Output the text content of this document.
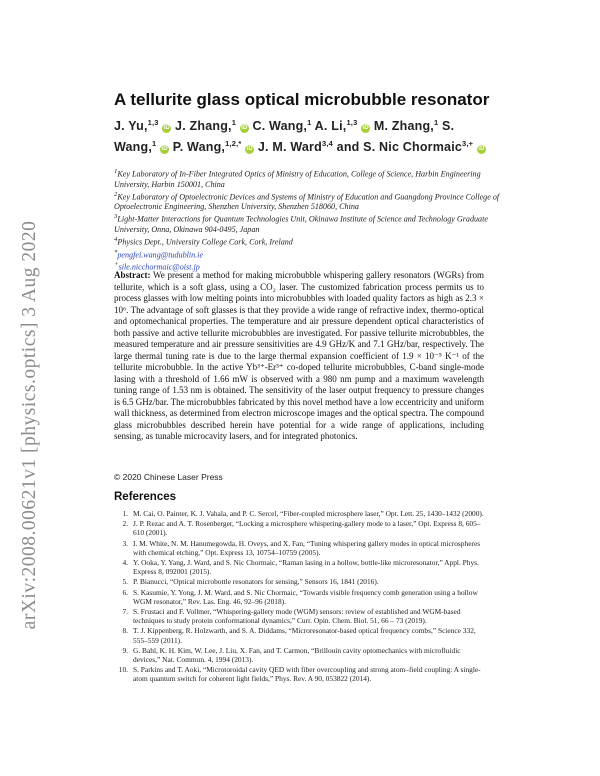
arXiv:2008.00621v1 [physics.optics] 3 Aug 2020
A tellurite glass optical microbubble resonator
J. Yu,$^{1,3}$ iD J. Zhang,$^1$ iD C. Wang,$^1$ A. Li,$^{1,3}$ iD M. Zhang,$^1$ S. Wang,$^1$ iD P. Wang,$^{1,2,*}$ iD J. M. Ward$^{3,4}$ and S. Nic Chormaic$^{3,+}$ iD

$^1$Key Laboratory of In-Fiber Integrated Optics of Ministry of Education, College of Science, Harbin Engineering University, Harbin 150001, China

$^2$Key Laboratory of Optoelectronic Devices and Systems of Ministry of Education and Guangdong Province College of Optoelectronic Engineering, Shenzhen University, Shenzhen 518060, China

$^3$Light-Matter Interactions for Quantum Technologies Unit, Okinawa Institute of Science and Technology Graduate University, Onna, Okinawa 904-0495, Japan

$^4$Physics Dept., University College Cork, Cork, Ireland

*pengfei.wang@tudublin.ie

+sile.nicchormaic@oist.jp

Abstract: We present a method for making microbubble whispering gallery resonators (WGRs) from tellurite, which is a soft glass, using a CO₂ laser. The customized fabrication process permits us to process glasses with low melting points into microbubbles with loaded quality factors as high as 2.3 × 10⁶. The advantage of soft glasses is that they provide a wide range of refractive index, thermo-optical and optomechanical properties. The temperature and air pressure dependent optical characteristics of both passive and active tellurite microbubbles are investigated. For passive tellurite microbubbles, the measured temperature and air pressure sensitivities are 4.9 GHz/K and 7.1 GHz/bar, respectively. The large thermal tuning rate is due to the large thermal expansion coefficient of 1.9 × 10⁻⁵ K⁻¹ of the tellurite microbubble. In the active Yb³⁺-Er³⁺ co-doped tellurite microbubbles, C-band single-mode lasing with a threshold of 1.66 mW is observed with a 980 nm pump and a maximum wavelength tuning range of 1.53 nm is obtained. The sensitivity of the laser output frequency to pressure changes is 6.5 GHz/bar. The microbubbles fabricated by this novel method have a low eccentricity and uniform wall thickness, as determined from electron microscope images and the optical spectra. The compound glass microbubbles described herein have potential for a wide range of applications, including sensing, as tunable microcavity lasers, and for integrated photonics.
© 2020 Chinese Laser Press
References
1. M. Cai, O. Painter, K. J. Vahala, and P. C. Sercel, “Fiber-coupled microsphere laser,” Opt. Lett. 25, 1430–1432 (2000).
2. J. P. Rezac and A. T. Rosenberger, “Locking a microsphere whispering-gallery mode to a laser,” Opt. Express 8, 605–610 (2001).
3. I. M. White, N. M. Hanumegowda, H. Oveys, and X. Fan, “Tuning whispering gallery modes in optical microspheres with chemical etching,” Opt. Express 13, 10754–10759 (2005).
4. Y. Ooka, Y. Yang, J. Ward, and S. Nic Chormaic, “Raman lasing in a hollow, bottle-like microresonator,” Appl. Phys. Express 8, 092001 (2015).
5. P. Bianucci, “Optical microbottle resonators for sensing,” Sensors 16, 1841 (2016).
6. S. Kasumie, Y. Yong, J. M. Ward, and S. Nic Chormaic, “Towards visible frequency comb generation using a hollow WGM resonator,” Rev. Las. Eng. 46, 92–96 (2018).
7. S. Frustaci and F. Vollmer, “Whispering-gallery mode (WGM) sensors: review of established and WGM-based techniques to study protein conformational dynamics,” Curr. Opin. Chem. Biol. 51, 66 – 73 (2019).
8. T. J. Kippenberg, R. Holzwarth, and S. A. Diddams, “Microresonator-based optical frequency combs,” Science 332, 555–559 (2011).
9. G. Bahl, K. H. Kim, W. Lee, J. Liu, X. Fan, and T. Carmon, “Brillouin cavity optomechanics with microfluidic devices,” Nat. Commun. 4, 1994 (2013).
10. S. Parkins and T. Aoki, “Microtoroidal cavity QED with fiber overcoupling and strong atom–field coupling: A single-atom quantum switch for coherent light fields,” Phys. Rev. A 90, 053822 (2014).
